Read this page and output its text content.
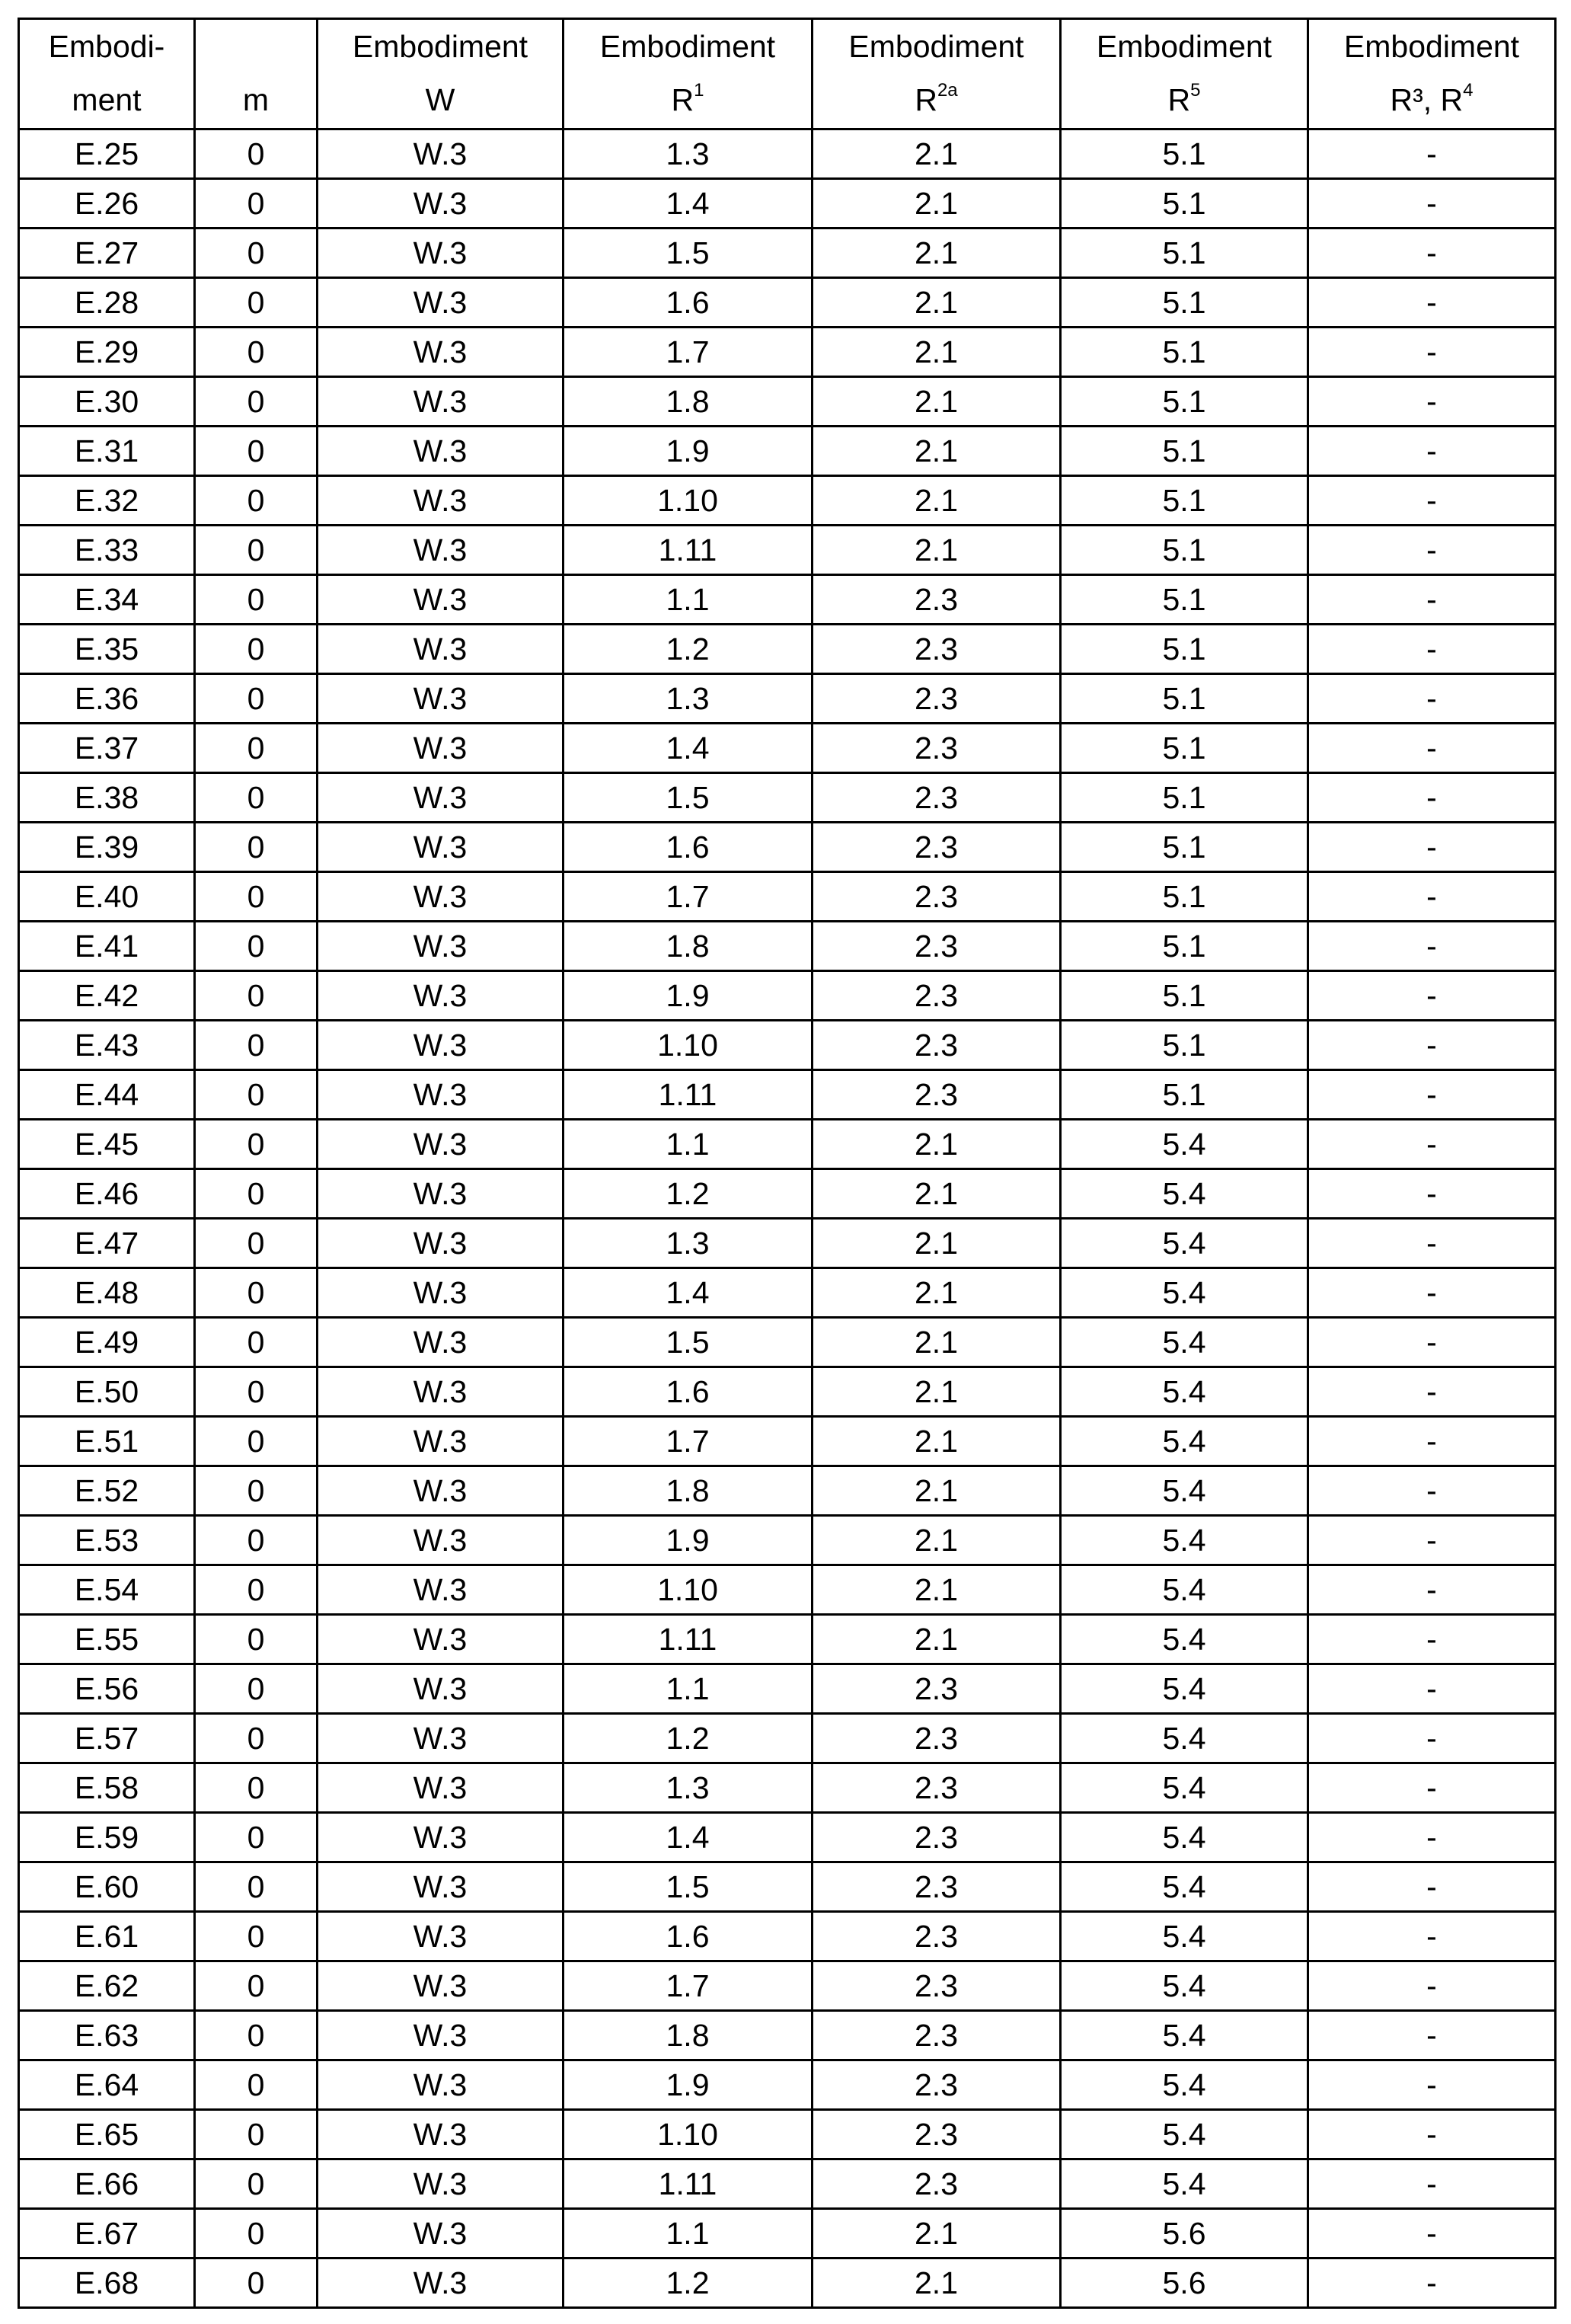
Embodi-
ment	m

Embodiment
W

Embodiment
R1

Embodiment
R2a

Embodiment
R5

Embodiment
R³, R4

E.25	0	W.3	1.3	2.1	5.1	-
E.26	0	W.3	1.4	2.1	5.1	-
E.27	0	W.3	1.5	2.1	5.1	-
E.28	0	W.3	1.6	2.1	5.1	-
E.29	0	W.3	1.7	2.1	5.1	-
E.30	0	W.3	1.8	2.1	5.1	-
E.31	0	W.3	1.9	2.1	5.1	-
E.32	0	W.3	1.10	2.1	5.1	-
E.33	0	W.3	1.11	2.1	5.1	-
E.34	0	W.3	1.1	2.3	5.1	-
E.35	0	W.3	1.2	2.3	5.1	-
E.36	0	W.3	1.3	2.3	5.1	-
E.37	0	W.3	1.4	2.3	5.1	-
E.38	0	W.3	1.5	2.3	5.1	-
E.39	0	W.3	1.6	2.3	5.1	-
E.40	0	W.3	1.7	2.3	5.1	-
E.41	0	W.3	1.8	2.3	5.1	-
E.42	0	W.3	1.9	2.3	5.1	-
E.43	0	W.3	1.10	2.3	5.1	-
E.44	0	W.3	1.11	2.3	5.1	-
E.45	0	W.3	1.1	2.1	5.4	-
E.46	0	W.3	1.2	2.1	5.4	-
E.47	0	W.3	1.3	2.1	5.4	-
E.48	0	W.3	1.4	2.1	5.4	-
E.49	0	W.3	1.5	2.1	5.4	-
E.50	0	W.3	1.6	2.1	5.4	-
E.51	0	W.3	1.7	2.1	5.4	-
E.52	0	W.3	1.8	2.1	5.4	-
E.53	0	W.3	1.9	2.1	5.4	-
E.54	0	W.3	1.10	2.1	5.4	-
E.55	0	W.3	1.11	2.1	5.4	-
E.56	0	W.3	1.1	2.3	5.4	-
E.57	0	W.3	1.2	2.3	5.4	-
E.58	0	W.3	1.3	2.3	5.4	-
E.59	0	W.3	1.4	2.3	5.4	-
E.60	0	W.3	1.5	2.3	5.4	-
E.61	0	W.3	1.6	2.3	5.4	-
E.62	0	W.3	1.7	2.3	5.4	-
E.63	0	W.3	1.8	2.3	5.4	-
E.64	0	W.3	1.9	2.3	5.4	-
E.65	0	W.3	1.10	2.3	5.4	-
E.66	0	W.3	1.11	2.3	5.4	-
E.67	0	W.3	1.1	2.1	5.6	-
E.68	0	W.3	1.2	2.1	5.6	-
